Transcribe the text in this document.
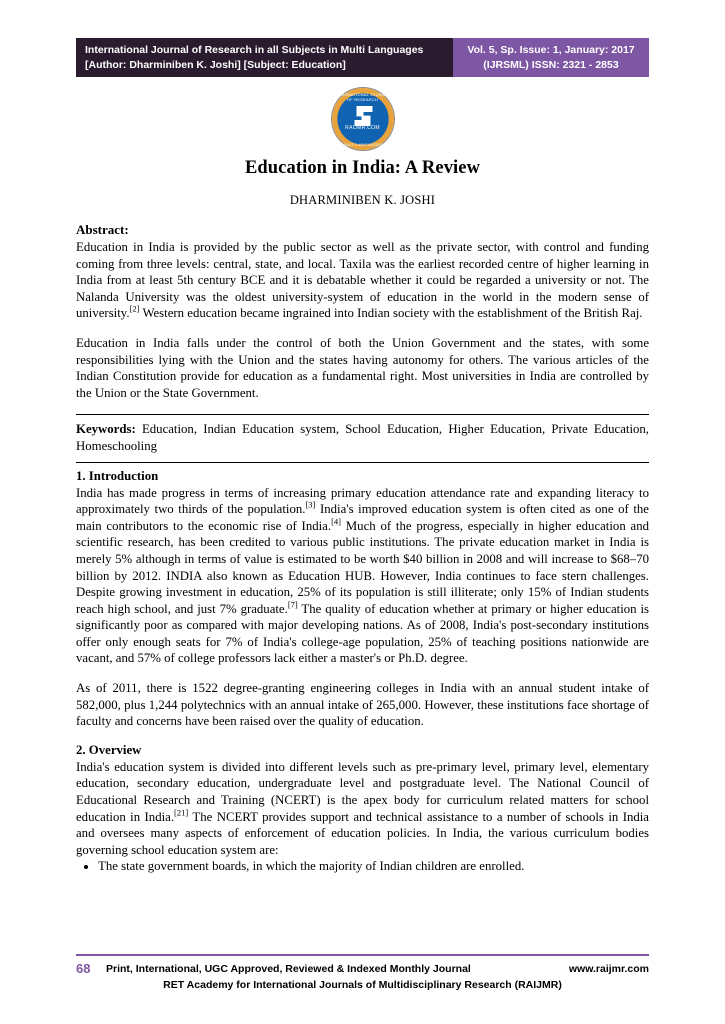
International Journal of Research in all Subjects in Multi Languages
[Author: Dharminiben K. Joshi] [Subject: Education]
Vol. 5, Sp. Issue: 1, January: 2017
(IJRSML) ISSN: 2321 - 2853
INTERNATIONAL JOURNAL OF RESEARCH
RAIJMR.COM
MULTI LANGUAGES
Education in India: A Review
DHARMINIBEN K. JOSHI
Abstract:

Education in India is provided by the public sector as well as the private sector, with control and funding coming from three levels: central, state, and local. Taxila was the earliest recorded centre of higher learning in India from at least 5th century BCE and it is debatable whether it could be regarded a university or not. The Nalanda University was the oldest university-system of education in the world in the modern sense of university.[2] Western education became ingrained into Indian society with the establishment of the British Raj.

Education in India falls under the control of both the Union Government and the states, with some responsibilities lying with the Union and the states having autonomy for others. The various articles of the Indian Constitution provide for education as a fundamental right. Most universities in India are controlled by the Union or the State Government.

Keywords: Education, Indian Education system, School Education, Higher Education, Private Education, Homeschooling

1. Introduction

India has made progress in terms of increasing primary education attendance rate and expanding literacy to approximately two thirds of the population.[3] India's improved education system is often cited as one of the main contributors to the economic rise of India.[4] Much of the progress, especially in higher education and scientific research, has been credited to various public institutions. The private education market in India is merely 5% although in terms of value is estimated to be worth $40 billion in 2008 and will increase to $68–70 billion by 2012. INDIA also known as Education HUB. However, India continues to face stern challenges. Despite growing investment in education, 25% of its population is still illiterate; only 15% of Indian students reach high school, and just 7% graduate.[7] The quality of education whether at primary or higher education is significantly poor as compared with major developing nations. As of 2008, India's post-secondary institutions offer only enough seats for 7% of India's college-age population, 25% of teaching positions nationwide are vacant, and 57% of college professors lack either a master's or Ph.D. degree.

As of 2011, there is 1522 degree-granting engineering colleges in India with an annual student intake of 582,000, plus 1,244 polytechnics with an annual intake of 265,000. However, these institutions face shortage of faculty and concerns have been raised over the quality of education.

2. Overview

India's education system is divided into different levels such as pre-primary level, primary level, elementary education, secondary education, undergraduate level and postgraduate level. The National Council of Educational Research and Training (NCERT) is the apex body for curriculum related matters for school education in India.[21] The NCERT provides support and technical assistance to a number of schools in India and oversees many aspects of enforcement of education policies. In India, the various curriculum bodies governing school education system are:

• The state government boards, in which the majority of Indian children are enrolled.
68	Print, International, UGC Approved, Reviewed & Indexed Monthly Journal	www.raijmr.com
RET Academy for International Journals of Multidisciplinary Research (RAIJMR)
